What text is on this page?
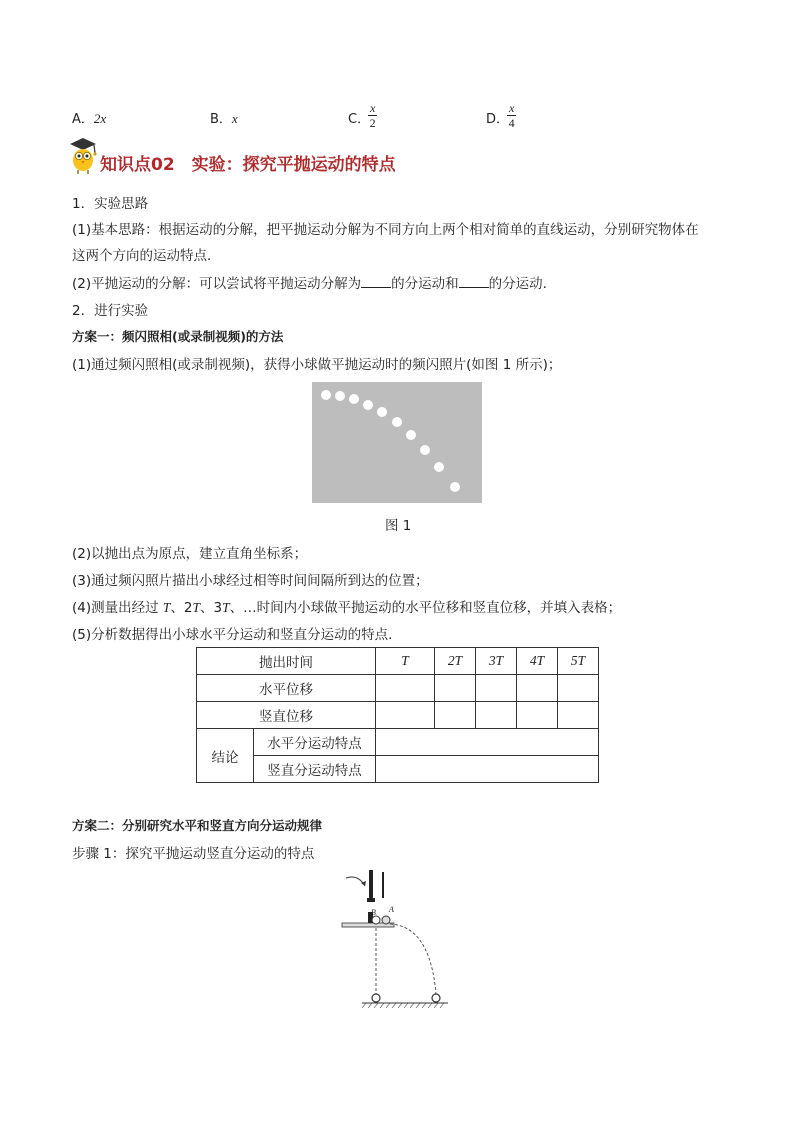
A．2x	B．x	C．
$\frac{x}{2}$	D．
$\frac{x}{4}$
知识点02　实验：探究平抛运动的特点
1．实验思路
(1)基本思路：根据运动的分解，把平抛运动分解为不同方向上两个相对简单的直线运动，分别研究物体在
这两个方向的运动特点．
(2)平抛运动的分解：可以尝试将平抛运动分解为 的分运动和 的分运动．
2．进行实验
方案一：频闪照相(或录制视频)的方法
(1)通过频闪照相(或录制视频)，获得小球做平抛运动时的频闪照片(如图 1 所示)；
图 1
(2)以抛出点为原点，建立直角坐标系；
(3)通过频闪照片描出小球经过相等时间间隔所到达的位置；
(4)测量出经过 T、2T、3T、…时间内小球做平抛运动的水平位移和竖直位移，并填入表格；
(5)分析数据得出小球水平分运动和竖直分运动的特点.
抛出时间		T	2T	3T	4T	5T
水平位移						
竖直位移						
结论	水平分运动特点					
	竖直分运动特点					
方案二：分别研究水平和竖直方向分运动规律
步骤 1：探究平抛运动竖直分运动的特点
B A
